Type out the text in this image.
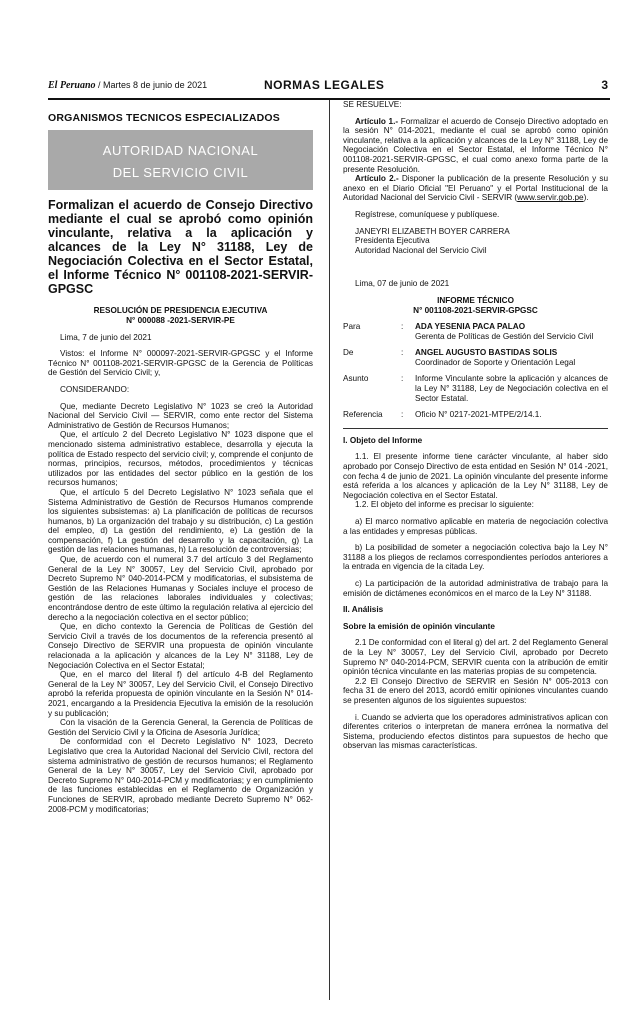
El Peruano / Martes 8 de junio de 2021	NORMAS LEGALES	3
ORGANISMOS TECNICOS ESPECIALIZADOS
AUTORIDAD NACIONAL
DEL SERVICIO CIVIL
Formalizan el acuerdo de Consejo Directivo mediante el cual se aprobó como opinión vinculante, relativa a la aplicación y alcances de la Ley N° 31188, Ley de Negociación Colectiva en el Sector Estatal, el Informe Técnico N° 001108-2021-SERVIR-GPGSC
RESOLUCIÓN DE PRESIDENCIA EJECUTIVA
N° 000088 -2021-SERVIR-PE

Lima, 7 de junio del 2021

Vistos: el Informe N° 000097-2021-SERVIR-GPGSC y el Informe Técnico N° 001108-2021-SERVIR-GPGSC de la Gerencia de Políticas de Gestión del Servicio Civil; y,

CONSIDERANDO:

Que, mediante Decreto Legislativo N° 1023 se creó la Autoridad Nacional del Servicio Civil — SERVIR, como ente rector del Sistema Administrativo de Gestión de Recursos Humanos;

Que, el artículo 2 del Decreto Legislativo N° 1023 dispone que el mencionado sistema administrativo establece, desarrolla y ejecuta la política de Estado respecto del servicio civil; y, comprende el conjunto de normas, principios, recursos, métodos, procedimientos y técnicas utilizados por las entidades del sector público en la gestión de los recursos humanos;

Que, el artículo 5 del Decreto Legislativo N° 1023 señala que el Sistema Administrativo de Gestión de Recursos Humanos comprende los siguientes subsistemas: a) La planificación de políticas de recursos humanos, b) La organización del trabajo y su distribución, c) La gestión del empleo, d) La gestión del rendimiento, e) La gestión de la compensación, f) La gestión del desarrollo y la capacitación, g) La gestión de las relaciones humanas, h) La resolución de controversias;

Que, de acuerdo con el numeral 3.7 del artículo 3 del Reglamento General de la Ley N° 30057, Ley del Servicio Civil, aprobado por Decreto Supremo N° 040-2014-PCM y modificatorias, el subsistema de Gestión de las Relaciones Humanas y Sociales incluye el proceso de gestión de las relaciones laborales individuales y colectivas; encontrándose dentro de este último la regulación relativa al ejercicio del derecho a la negociación colectiva en el sector público;

Que, en dicho contexto la Gerencia de Políticas de Gestión del Servicio Civil a través de los documentos de la referencia presentó al Consejo Directivo de SERVIR una propuesta de opinión vinculante relacionada a la aplicación y alcances de la Ley N° 31188, Ley de Negociación Colectiva en el Sector Estatal;

Que, en el marco del literal f) del artículo 4-B del Reglamento General de la Ley N° 30057, Ley del Servicio Civil, el Consejo Directivo aprobó la referida propuesta de opinión vinculante en la Sesión N° 014-2021, encargando a la Presidencia Ejecutiva la emisión de la resolución y su publicación;

Con la visación de la Gerencia General, la Gerencia de Políticas de Gestión del Servicio Civil y la Oficina de Asesoría Jurídica;

De conformidad con el Decreto Legislativo N° 1023, Decreto Legislativo que crea la Autoridad Nacional del Servicio Civil, rectora del sistema administrativo de gestión de recursos humanos; el Reglamento General de la Ley N° 30057, Ley del Servicio Civil, aprobado por Decreto Supremo N° 040-2014-PCM y modificatorias; y en cumplimiento de las funciones establecidas en el Reglamento de Organización y Funciones de SERVIR, aprobado mediante Decreto Supremo N° 062-2008-PCM y modificatorias;

SE RESUELVE:

Artículo 1.- Formalizar el acuerdo de Consejo Directivo adoptado en la sesión N° 014-2021, mediante el cual se aprobó como opinión vinculante, relativa a la aplicación y alcances de la Ley N° 31188, Ley de Negociación Colectiva en el Sector Estatal, el Informe Técnico N° 001108-2021-SERVIR-GPGSC, el cual como anexo forma parte de la presente Resolución.

Artículo 2.- Disponer la publicación de la presente Resolución y su anexo en el Diario Oficial "El Peruano" y el Portal Institucional de la Autoridad Nacional del Servicio Civil - SERVIR (www.servir.gob.pe).

Regístrese, comuníquese y publíquese.

JANEYRI ELIZABETH BOYER CARRERA

Presidenta Ejecutiva

Autoridad Nacional del Servicio Civil

Lima, 07 de junio de 2021

INFORME TÉCNICO
N° 001108-2021-SERVIR-GPGSC
Para	:	ADA YESENIA PACA PALAO
Gerenta de Políticas de Gestión del Servicio Civil
De	:	ANGEL AUGUSTO BASTIDAS SOLIS
Coordinador de Soporte y Orientación Legal
Asunto	:	Informe Vinculante sobre la aplicación y alcances de la Ley N° 31188, Ley de Negociación colectiva en el Sector Estatal.
Referencia	:	Oficio N° 0217-2021-MTPE/2/14.1.

I. Objeto del Informe

1.1. El presente informe tiene carácter vinculante, al haber sido aprobado por Consejo Directivo de esta entidad en Sesión N° 014 -2021, con fecha 4 de junio de 2021. La opinión vinculante del presente informe está referida a los alcances y aplicación de la Ley N° 31188, Ley de Negociación colectiva en el Sector Estatal.

1.2. El objeto del informe es precisar lo siguiente:

a) El marco normativo aplicable en materia de negociación colectiva a las entidades y empresas públicas.

b) La posibilidad de someter a negociación colectiva bajo la Ley N° 31188 a los pliegos de reclamos correspondientes períodos anteriores a la entrada en vigencia de la citada Ley.

c) La participación de la autoridad administrativa de trabajo para la emisión de dictámenes económicos en el marco de la Ley N° 31188.

II. Análisis

Sobre la emisión de opinión vinculante

2.1 De conformidad con el literal g) del art. 2 del Reglamento General de la Ley N° 30057, Ley del Servicio Civil, aprobado por Decreto Supremo N° 040-2014-PCM, SERVIR cuenta con la atribución de emitir opinión técnica vinculante en las materias propias de su competencia.

2.2 El Consejo Directivo de SERVIR en Sesión N° 005-2013 con fecha 31 de enero del 2013, acordó emitir opiniones vinculantes cuando se presenten algunos de los siguientes supuestos:

i. Cuando se advierta que los operadores administrativos aplican con diferentes criterios o interpretan de manera errónea la normativa del Sistema, produciendo efectos distintos para supuestos de hecho que observan las mismas características.
